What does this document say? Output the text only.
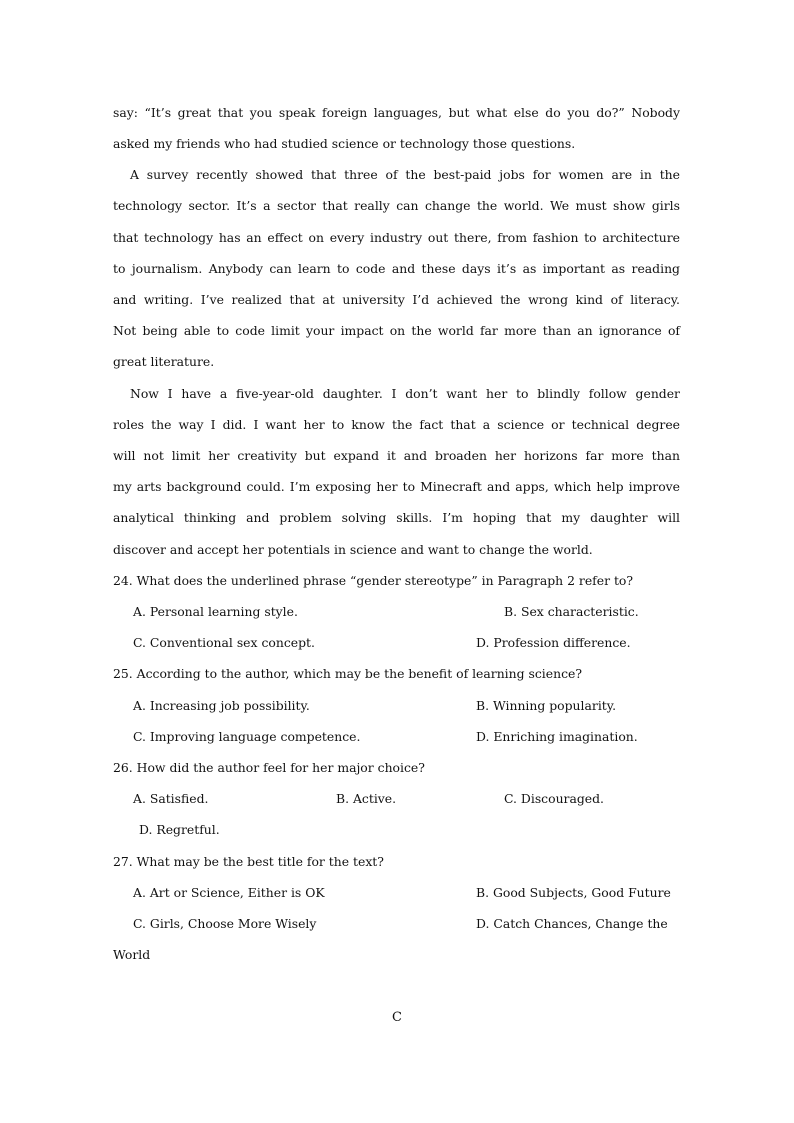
say: “It’s great that you speak foreign languages, but what else do you do?” Nobody
asked my friends who had studied science or technology those questions.
A survey recently showed that three of the best-paid jobs for women are in the
technology sector. It’s a sector that really can change the world. We must show girls
that technology has an effect on every industry out there, from fashion to architecture
to journalism. Anybody can learn to code and these days it’s as important as reading
and writing. I’ve realized that at university I’d achieved the wrong kind of literacy.
Not being able to code limit your impact on the world far more than an ignorance of
great literature.
Now I have a five-year-old daughter. I don’t want her to blindly follow gender
roles the way I did. I want her to know the fact that a science or technical degree
will not limit her creativity but expand it and broaden her horizons far more than
my arts background could. I’m exposing her to Minecraft and apps, which help improve
analytical thinking and problem solving skills. I’m hoping that my daughter will
discover and accept her potentials in science and want to change the world.
24. What does the underlined phrase “gender stereotype” in Paragraph 2 refer to?
A. Personal learning style.	B. Sex characteristic.
C. Conventional sex concept.	D. Profession difference.
25. According to the author, which may be the benefit of learning science?
A. Increasing job possibility.	B. Winning popularity.
C. Improving language competence.	D. Enriching imagination.
26. How did the author feel for her major choice?
A. Satisfied.	B. Active.	C. Discouraged.
D. Regretful.
27. What may be the best title for the text?
A. Art or Science, Either is OK	B. Good Subjects, Good Future
C. Girls, Choose More Wisely	D. Catch Chances, Change the
World
C
